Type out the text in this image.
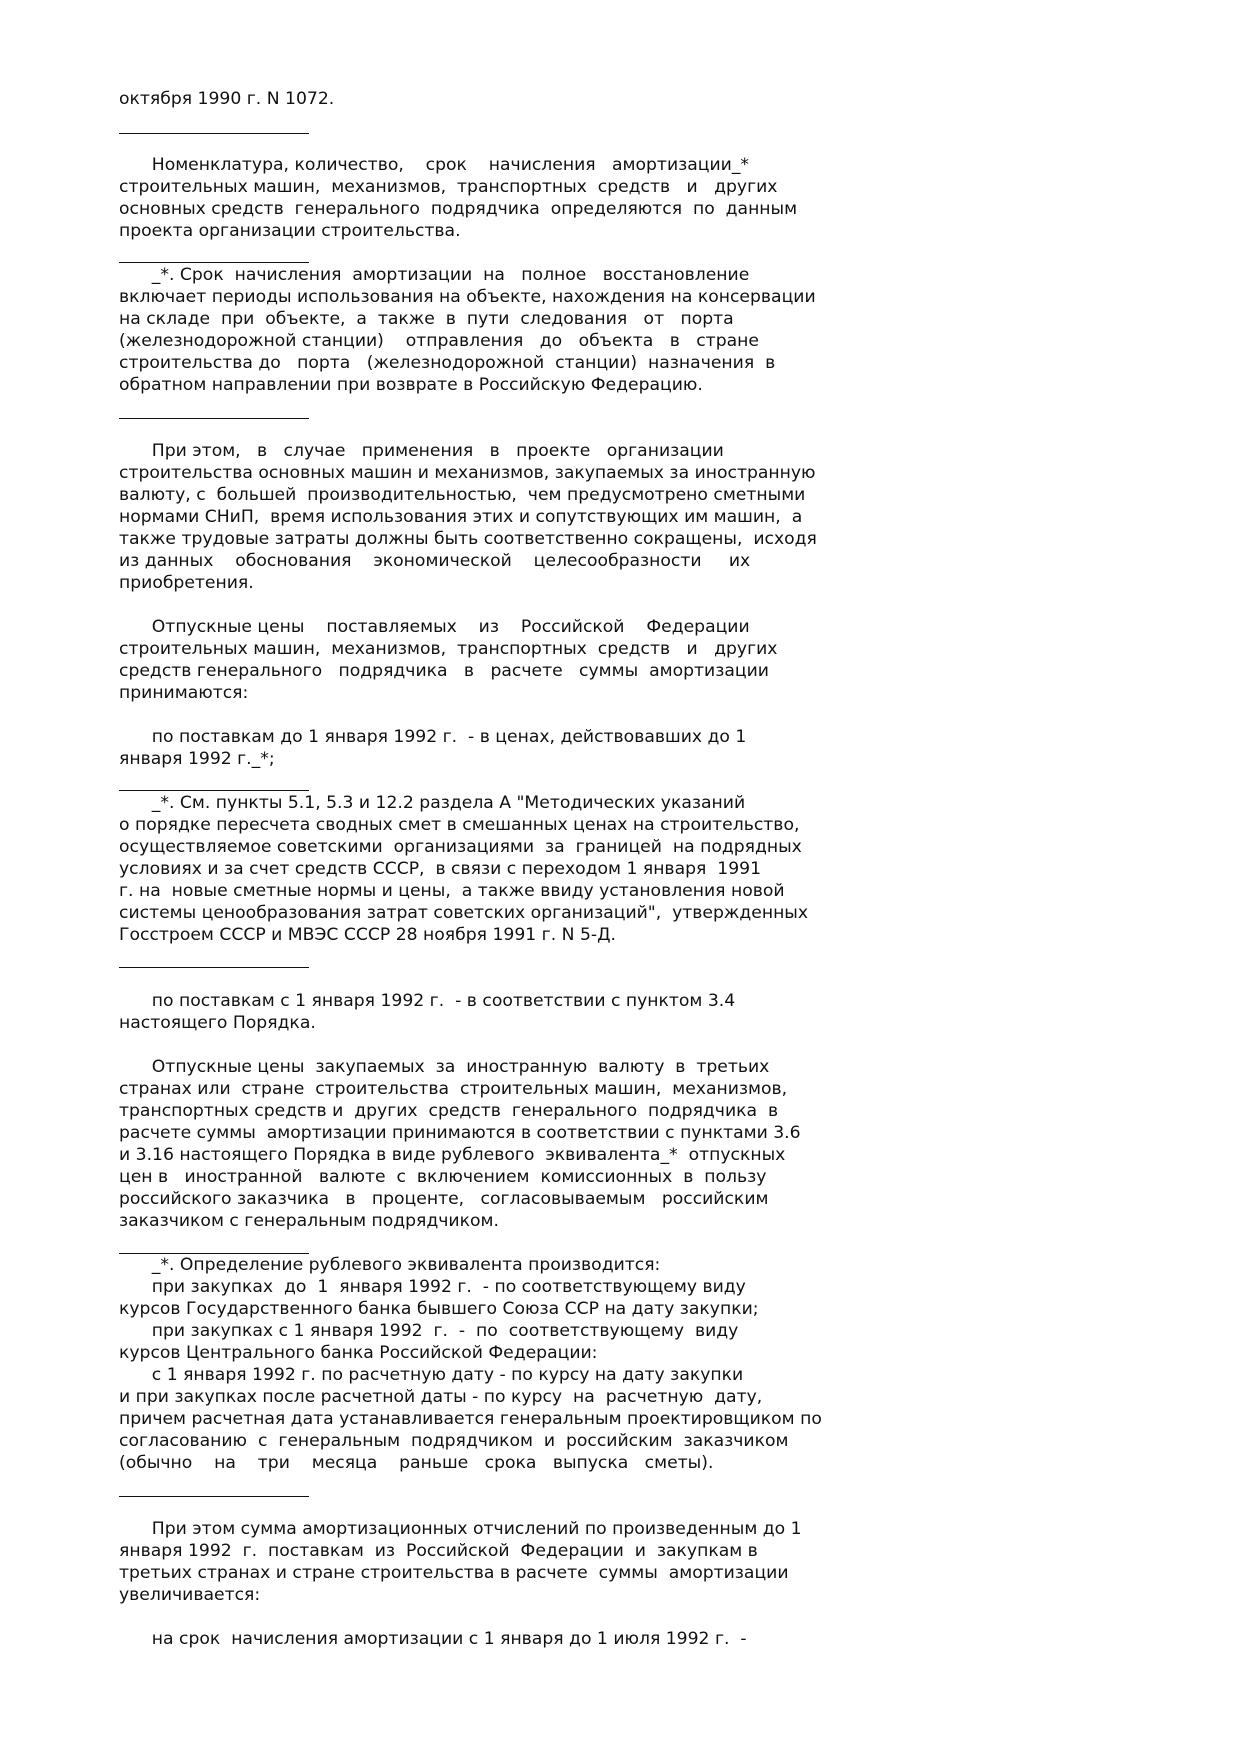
октября 1990 г. N 1072.

Номенклатура, количество,    срок    начисления   амортизации_*

строительных машин,  механизмов,  транспортных  средств   и   других

основных средств  генерального  подрядчика  определяются  по  данным

проекта организации строительства.

_*. Срок  начисления  амортизации  на   полное   восстановление

включает периоды использования на объекте, нахождения на консервации

на складе  при  объекте,  а  также  в  пути  следования   от   порта

(железнодорожной станции)    отправления   до   объекта   в   стране

строительства до   порта   (железнодорожной  станции)  назначения  в

обратном направлении при возврате в Российскую Федерацию.

При этом,   в   случае   применения   в   проекте   организации

строительства основных машин и механизмов, закупаемых за иностранную

валюту, с  большей  производительностью,  чем предусмотрено сметными

нормами СНиП,  время использования этих и сопутствующих им машин,  а

также трудовые затраты должны быть соответственно сокращены,  исходя

из данных    обоснования    экономической    целесообразности     их

приобретения.

Отпускные цены    поставляемых    из    Российской    Федерации

строительных машин,  механизмов,  транспортных  средств   и   других

средств генерального   подрядчика   в   расчете   суммы  амортизации

принимаются:

по поставкам до 1 января 1992 г.  - в ценах, действовавших до 1

января 1992 г._*;

_*. См. пункты 5.1, 5.3 и 12.2 раздела А "Методических указаний

о порядке пересчета сводных смет в смешанных ценах на строительство,

осуществляемое советскими  организациями  за  границей  на подрядных

условиях и за счет средств СССР,  в связи с переходом 1 января  1991

г. на  новые сметные нормы и цены,  а также ввиду установления новой

системы ценообразования затрат советских организаций",  утвержденных

Госстроем СССР и МВЭС СССР 28 ноября 1991 г. N 5-Д.

по поставкам с 1 января 1992 г.  - в соответствии с пунктом 3.4

настоящего Порядка.

Отпускные цены  закупаемых  за  иностранную  валюту  в  третьих

странах или  стране  строительства  строительных машин,  механизмов,

транспортных средств и  других  средств  генерального  подрядчика  в

расчете суммы  амортизации принимаются в соответствии с пунктами 3.6

и 3.16 настоящего Порядка в виде рублевого  эквивалента_*  отпускных

цен в   иностранной   валюте  с  включением  комиссионных  в  пользу

российского заказчика   в   проценте,   согласовываемым   российским

заказчиком с генеральным подрядчиком.

_*. Определение рублевого эквивалента производится:

при закупках  до  1  января 1992 г.  - по соответствующему виду

курсов Государственного банка бывшего Союза ССР на дату закупки;

при закупках с 1 января 1992  г.  -  по  соответствующему  виду

курсов Центрального банка Российской Федерации:

с 1 января 1992 г. по расчетную дату - по курсу на дату закупки

и при закупках после расчетной даты - по курсу  на  расчетную  дату,

причем расчетная дата устанавливается генеральным проектировщиком по

согласованию  с  генеральным  подрядчиком  и  российским  заказчиком

(обычно    на    три    месяца    раньше   срока   выпуска   сметы).

При этом сумма амортизационных отчислений по произведенным до 1

января 1992  г.  поставкам  из  Российской  Федерации  и  закупкам в

третьих странах и стране строительства в расчете  суммы  амортизации

увеличивается:

на срок  начисления амортизации с 1 января до 1 июля 1992 г.  -
